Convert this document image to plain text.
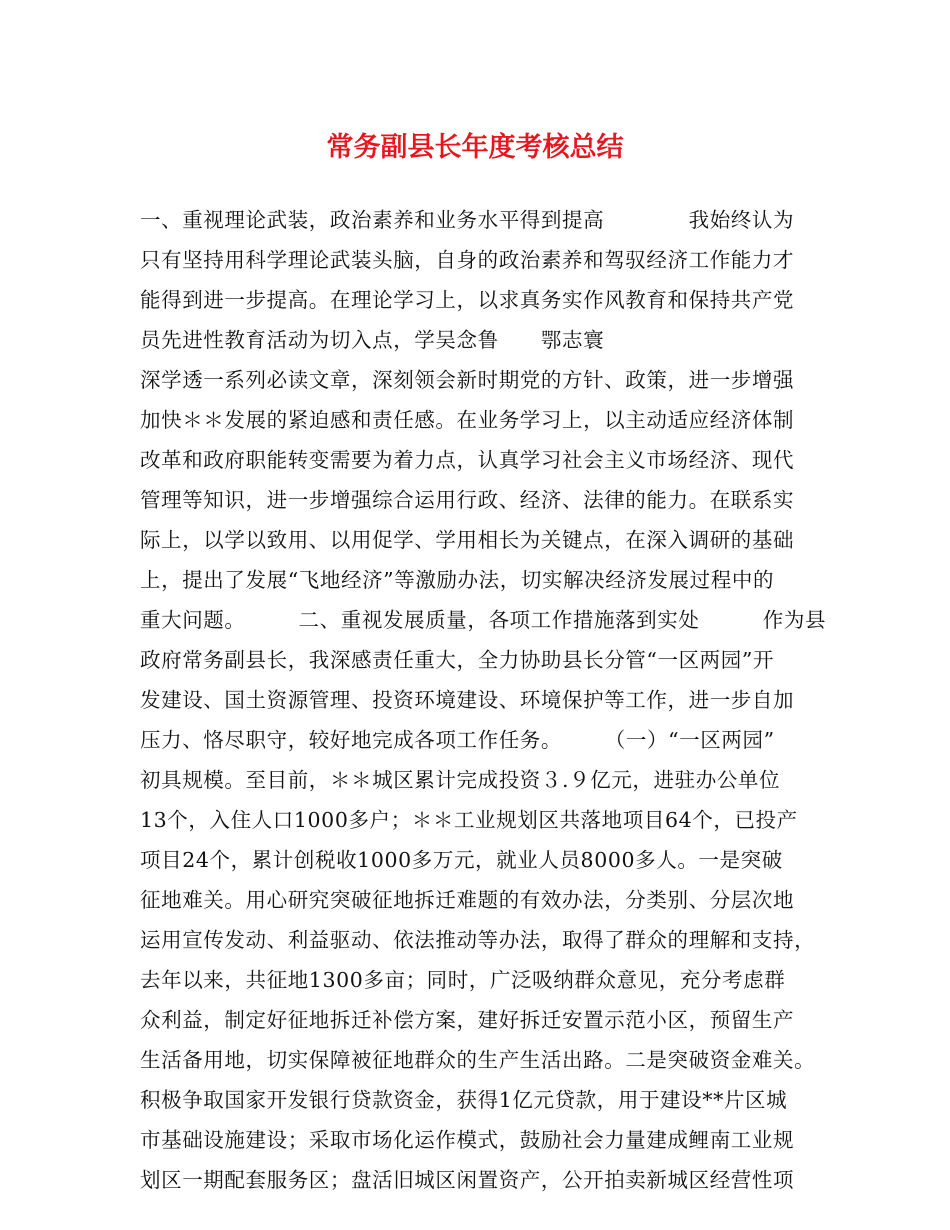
常务副县长年度考核总结
一、重视理论武装，政治素养和业务水平得到提高　　　　我始终认为
只有坚持用科学理论武装头脑，自身的政治素养和驾驭经济工作能力才
能得到进一步提高。在理论学习上，以求真务实作风教育和保持共产党
员先进性教育活动为切入点，学吴念鲁　　鄂志寰
深学透一系列必读文章，深刻领会新时期党的方针、政策，进一步增强
加快＊＊发展的紧迫感和责任感。在业务学习上，以主动适应经济体制
改革和政府职能转变需要为着力点，认真学习社会主义市场经济、现代
管理等知识，进一步增强综合运用行政、经济、法律的能力。在联系实
际上，以学以致用、以用促学、学用相长为关键点，在深入调研的基础
上，提出了发展“飞地经济”等激励办法，切实解决经济发展过程中的
重大问题。　　　二、重视发展质量，各项工作措施落到实处　　　作为县
政府常务副县长，我深感责任重大，全力协助县长分管“一区两园”开
发建设、国土资源管理、投资环境建设、环境保护等工作，进一步自加
压力、恪尽职守，较好地完成各项工作任务。　　　（一）“一区两园”
初具规模。至目前，＊＊城区累计完成投资３.９亿元，进驻办公单位
13个，入住人口1000多户；＊＊工业规划区共落地项目64个，已投产
项目24个，累计创税收1000多万元，就业人员8000多人。一是突破
征地难关。用心研究突破征地拆迁难题的有效办法，分类别、分层次地
运用宣传发动、利益驱动、依法推动等办法，取得了群众的理解和支持，
去年以来，共征地1300多亩；同时，广泛吸纳群众意见，充分考虑群
众利益，制定好征地拆迁补偿方案，建好拆迁安置示范小区，预留生产
生活备用地，切实保障被征地群众的生产生活出路。二是突破资金难关。
积极争取国家开发银行贷款资金，获得1亿元贷款，用于建设**片区城
市基础设施建设；采取市场化运作模式，鼓励社会力量建成鲤南工业规
划区一期配套服务区；盘活旧城区闲置资产，公开拍卖新城区经营性项
